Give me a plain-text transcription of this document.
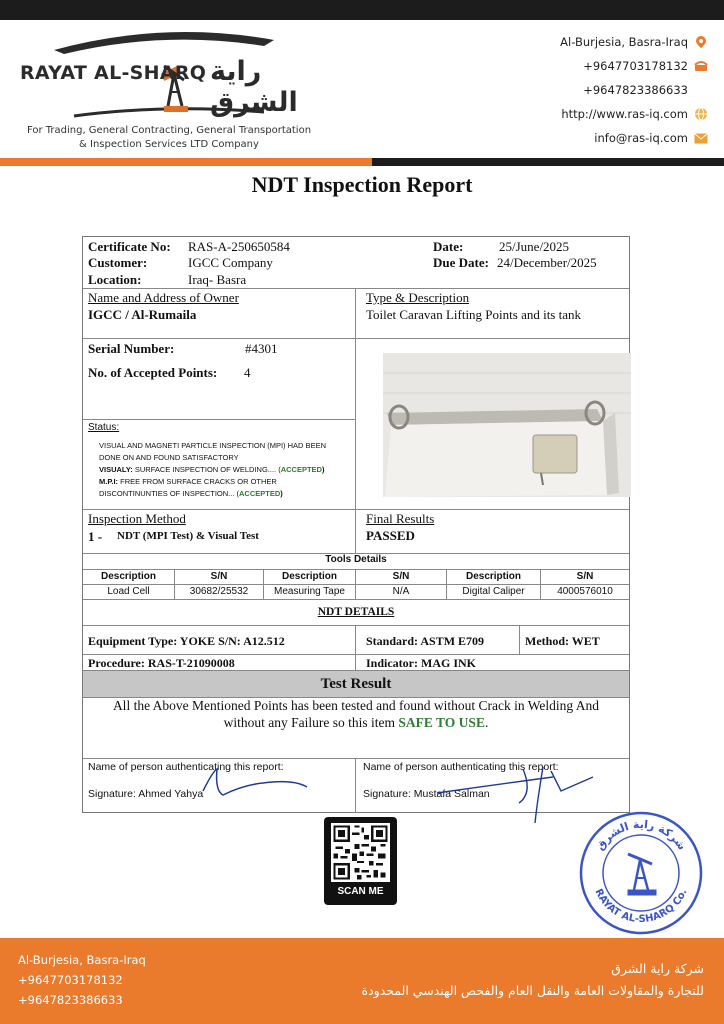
RAYAT AL-SHARQ راية الشرق
For Trading, General Contracting, General Transportation
& Inspection Services LTD Company
Al-Burjesia, Basra-Iraq
+9647703178132
+9647823386633
http://www.ras-iq.com
info@ras-iq.com
NDT Inspection Report
Certificate No: RAS-A-250650584
Customer:	IGCC Company
Location:	Iraq- Basra
Date:	25/June/2025
Due Date: 24/December/2025
Name and Address of Owner
IGCC / Al-Rumaila
Type & Description
Toilet Caravan Lifting Points and its tank
Serial Number:	#4301
No. of Accepted Points: 4
Status:
VISUAL AND MAGNETI PARTICLE INSPECTION (MPI) HAD BEEN
DONE ON AND FOUND SATISFACTORY
VISUALY: SURFACE INSPECTION OF WELDING.... (ACCEPTED)
M.P.I: FREE FROM SURFACE CRACKS OR OTHER
DISCONTINUNTIES OF INSPECTION... (ACCEPTED)
Inspection Method
1 - NDT (MPI Test) & Visual Test
Final Results
PASSED
Tools Details
Description	S/N	Description	S/N	Description	S/N
Load Cell	30682/25532	Measuring Tape	N/A	Digital Caliper	4000576010
NDT DETAILS
Equipment Type: YOKE S/N: A12.512	Standard: ASTM E709	Method: WET
Procedure: RAS-T-21090008	Indicator: MAG INK
Test Result
All the Above Mentioned Points has been tested and found without Crack in Welding And
without any Failure so this item SAFE TO USE.
Name of person authenticating this report:
Signature: Ahmed Yahya
Name of person authenticating this report:
Signature: Mustafa Salman
SCAN ME
شركة راية الشرق
RAYAT AL-SHARQ Co.
Al-Burjesia, Basra-Iraq
+9647703178132
+9647823386633
شركة راية الشرق
للتجارة والمقاولات العامة والنقل العام والفحص الهندسي المحدودة
